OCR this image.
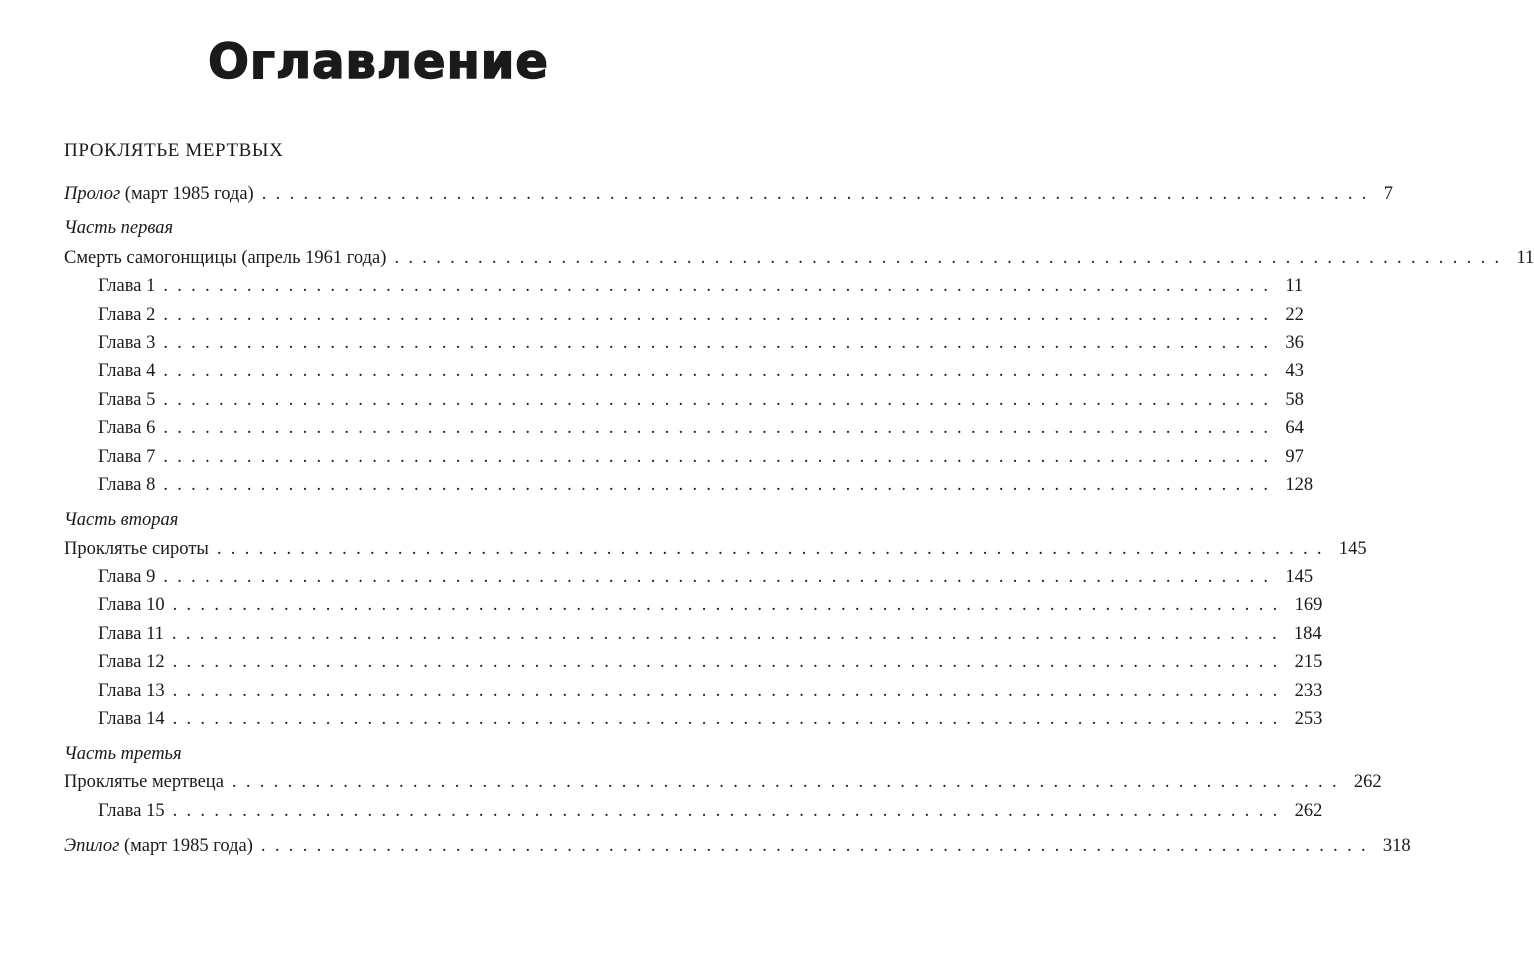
Оглавление
ПРОКЛЯТЬЕ МЕРТВЫХ
Пролог (март 1985 года) ................................................................................ 7
Часть первая
Смерть самогонщицы (апрель 1961 года) ................................................................................ 11
Глава 1 ................................................................................ 11
Глава 2 ................................................................................ 22
Глава 3 ................................................................................ 36
Глава 4 ................................................................................ 43
Глава 5 ................................................................................ 58
Глава 6 ................................................................................ 64
Глава 7 ................................................................................ 97
Глава 8 ................................................................................ 128
Часть вторая
Проклятье сироты ................................................................................ 145
Глава 9 ................................................................................ 145
Глава 10 ................................................................................ 169
Глава 11 ................................................................................ 184
Глава 12 ................................................................................ 215
Глава 13 ................................................................................ 233
Глава 14 ................................................................................ 253
Часть третья
Проклятье мертвеца ................................................................................ 262
Глава 15 ................................................................................ 262
Эпилог (март 1985 года) ................................................................................ 318
